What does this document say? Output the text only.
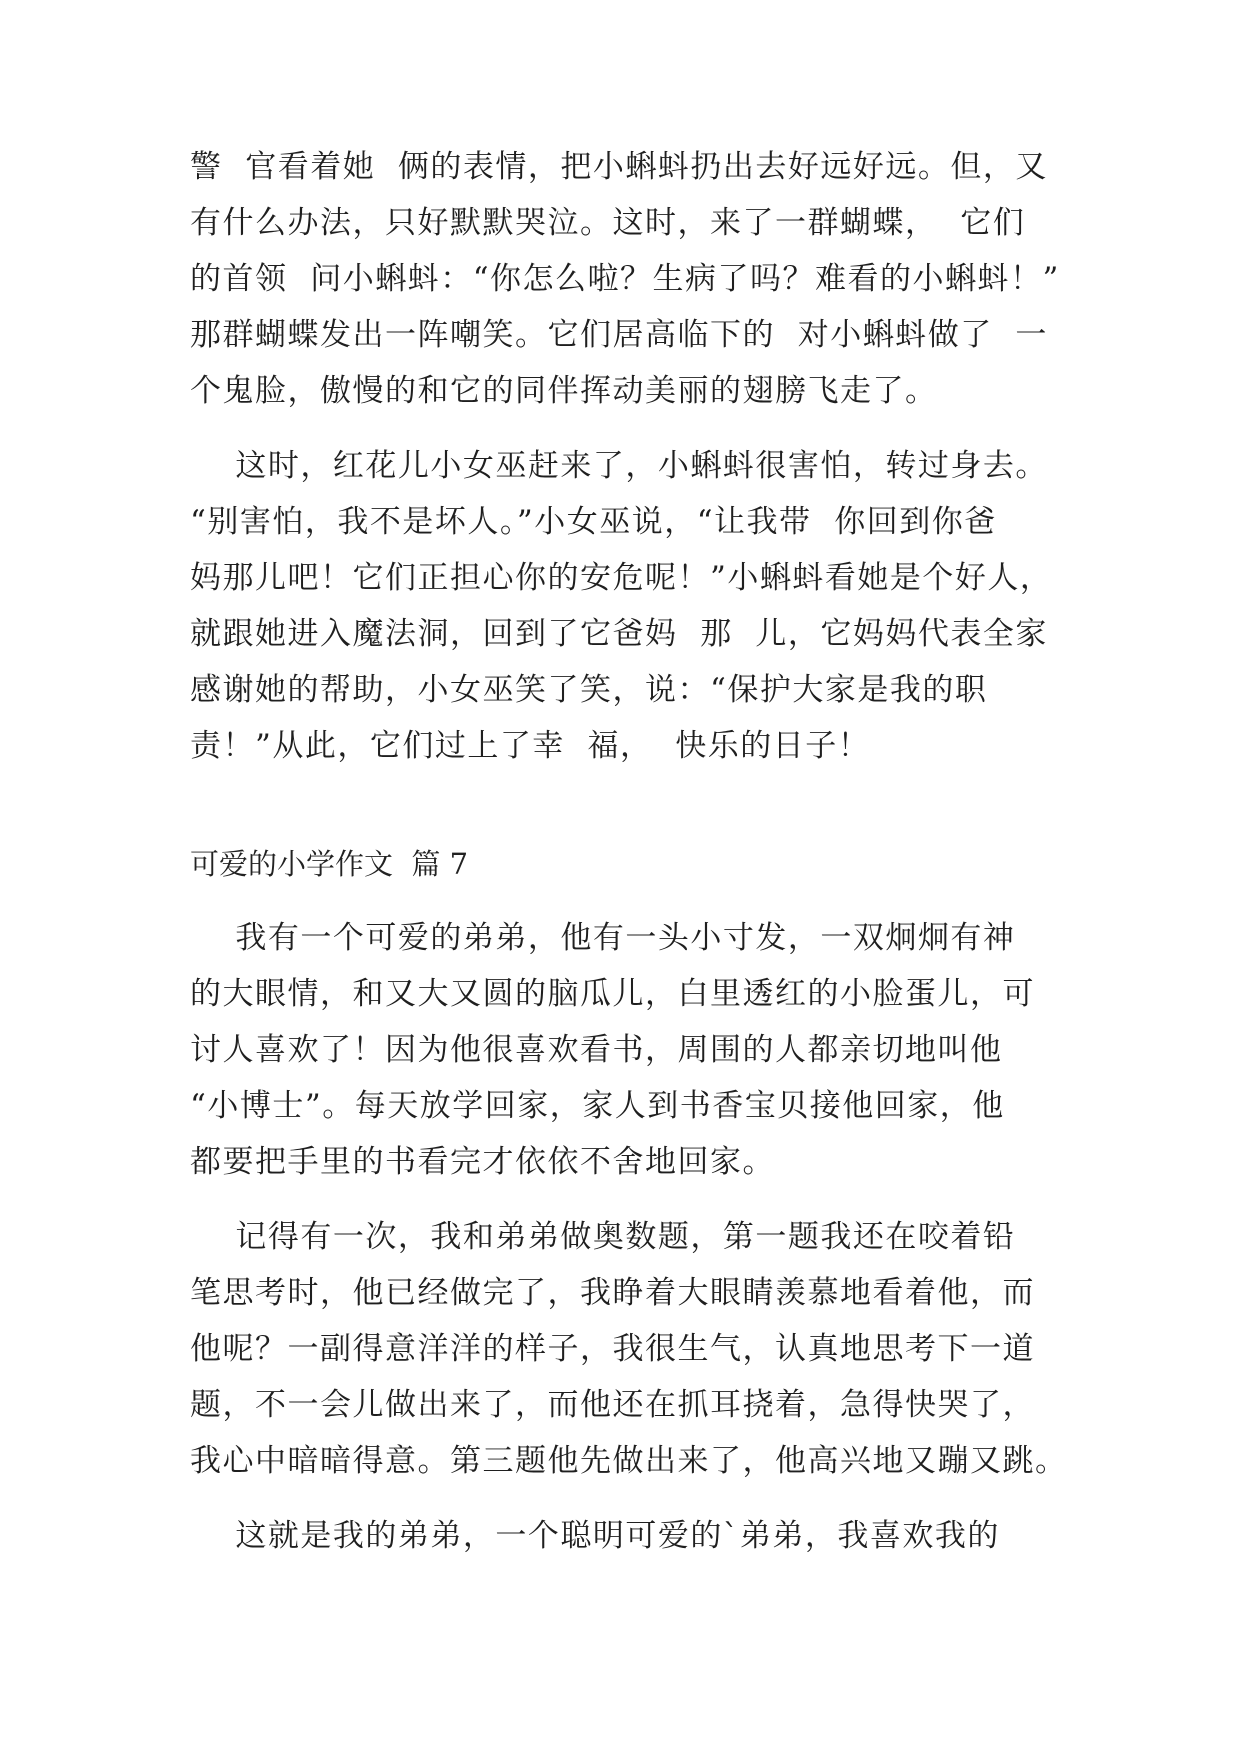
警  官看着她  俩的表情，把小蝌蚪扔出去好远好远。但，又
有什么办法，只好默默哭泣。这时，来了一群蝴蝶，  它们
的首领  问小蝌蚪：“你怎么啦？生病了吗？难看的小蝌蚪！”
那群蝴蝶发出一阵嘲笑。它们居高临下的  对小蝌蚪做了  一
个鬼脸，傲慢的和它的同伴挥动美丽的翅膀飞走了。
这时，红花儿小女巫赶来了，小蝌蚪很害怕，转过身去。
“别害怕，我不是坏人。”小女巫说，“让我带  你回到你爸
妈那儿吧！它们正担心你的安危呢！”小蝌蚪看她是个好人，
就跟她进入魔法洞，回到了它爸妈  那  儿，它妈妈代表全家
感谢她的帮助，小女巫笑了笑，说：“保护大家是我的职
责！”从此，它们过上了幸  福，  快乐的日子！
可爱的小学作文  篇 7
我有一个可爱的弟弟，他有一头小寸发，一双炯炯有神
的大眼情，和又大又圆的脑瓜儿，白里透红的小脸蛋儿，可
讨人喜欢了！因为他很喜欢看书，周围的人都亲切地叫他
“小博士”。每天放学回家，家人到书香宝贝接他回家，他
都要把手里的书看完才依依不舍地回家。
记得有一次，我和弟弟做奥数题，第一题我还在咬着铅
笔思考时，他已经做完了，我睁着大眼睛羡慕地看着他，而
他呢？一副得意洋洋的样子，我很生气，认真地思考下一道
题，不一会儿做出来了，而他还在抓耳挠着，急得快哭了，
我心中暗暗得意。第三题他先做出来了，他高兴地又蹦又跳。
这就是我的弟弟，一个聪明可爱的`弟弟，我喜欢我的
